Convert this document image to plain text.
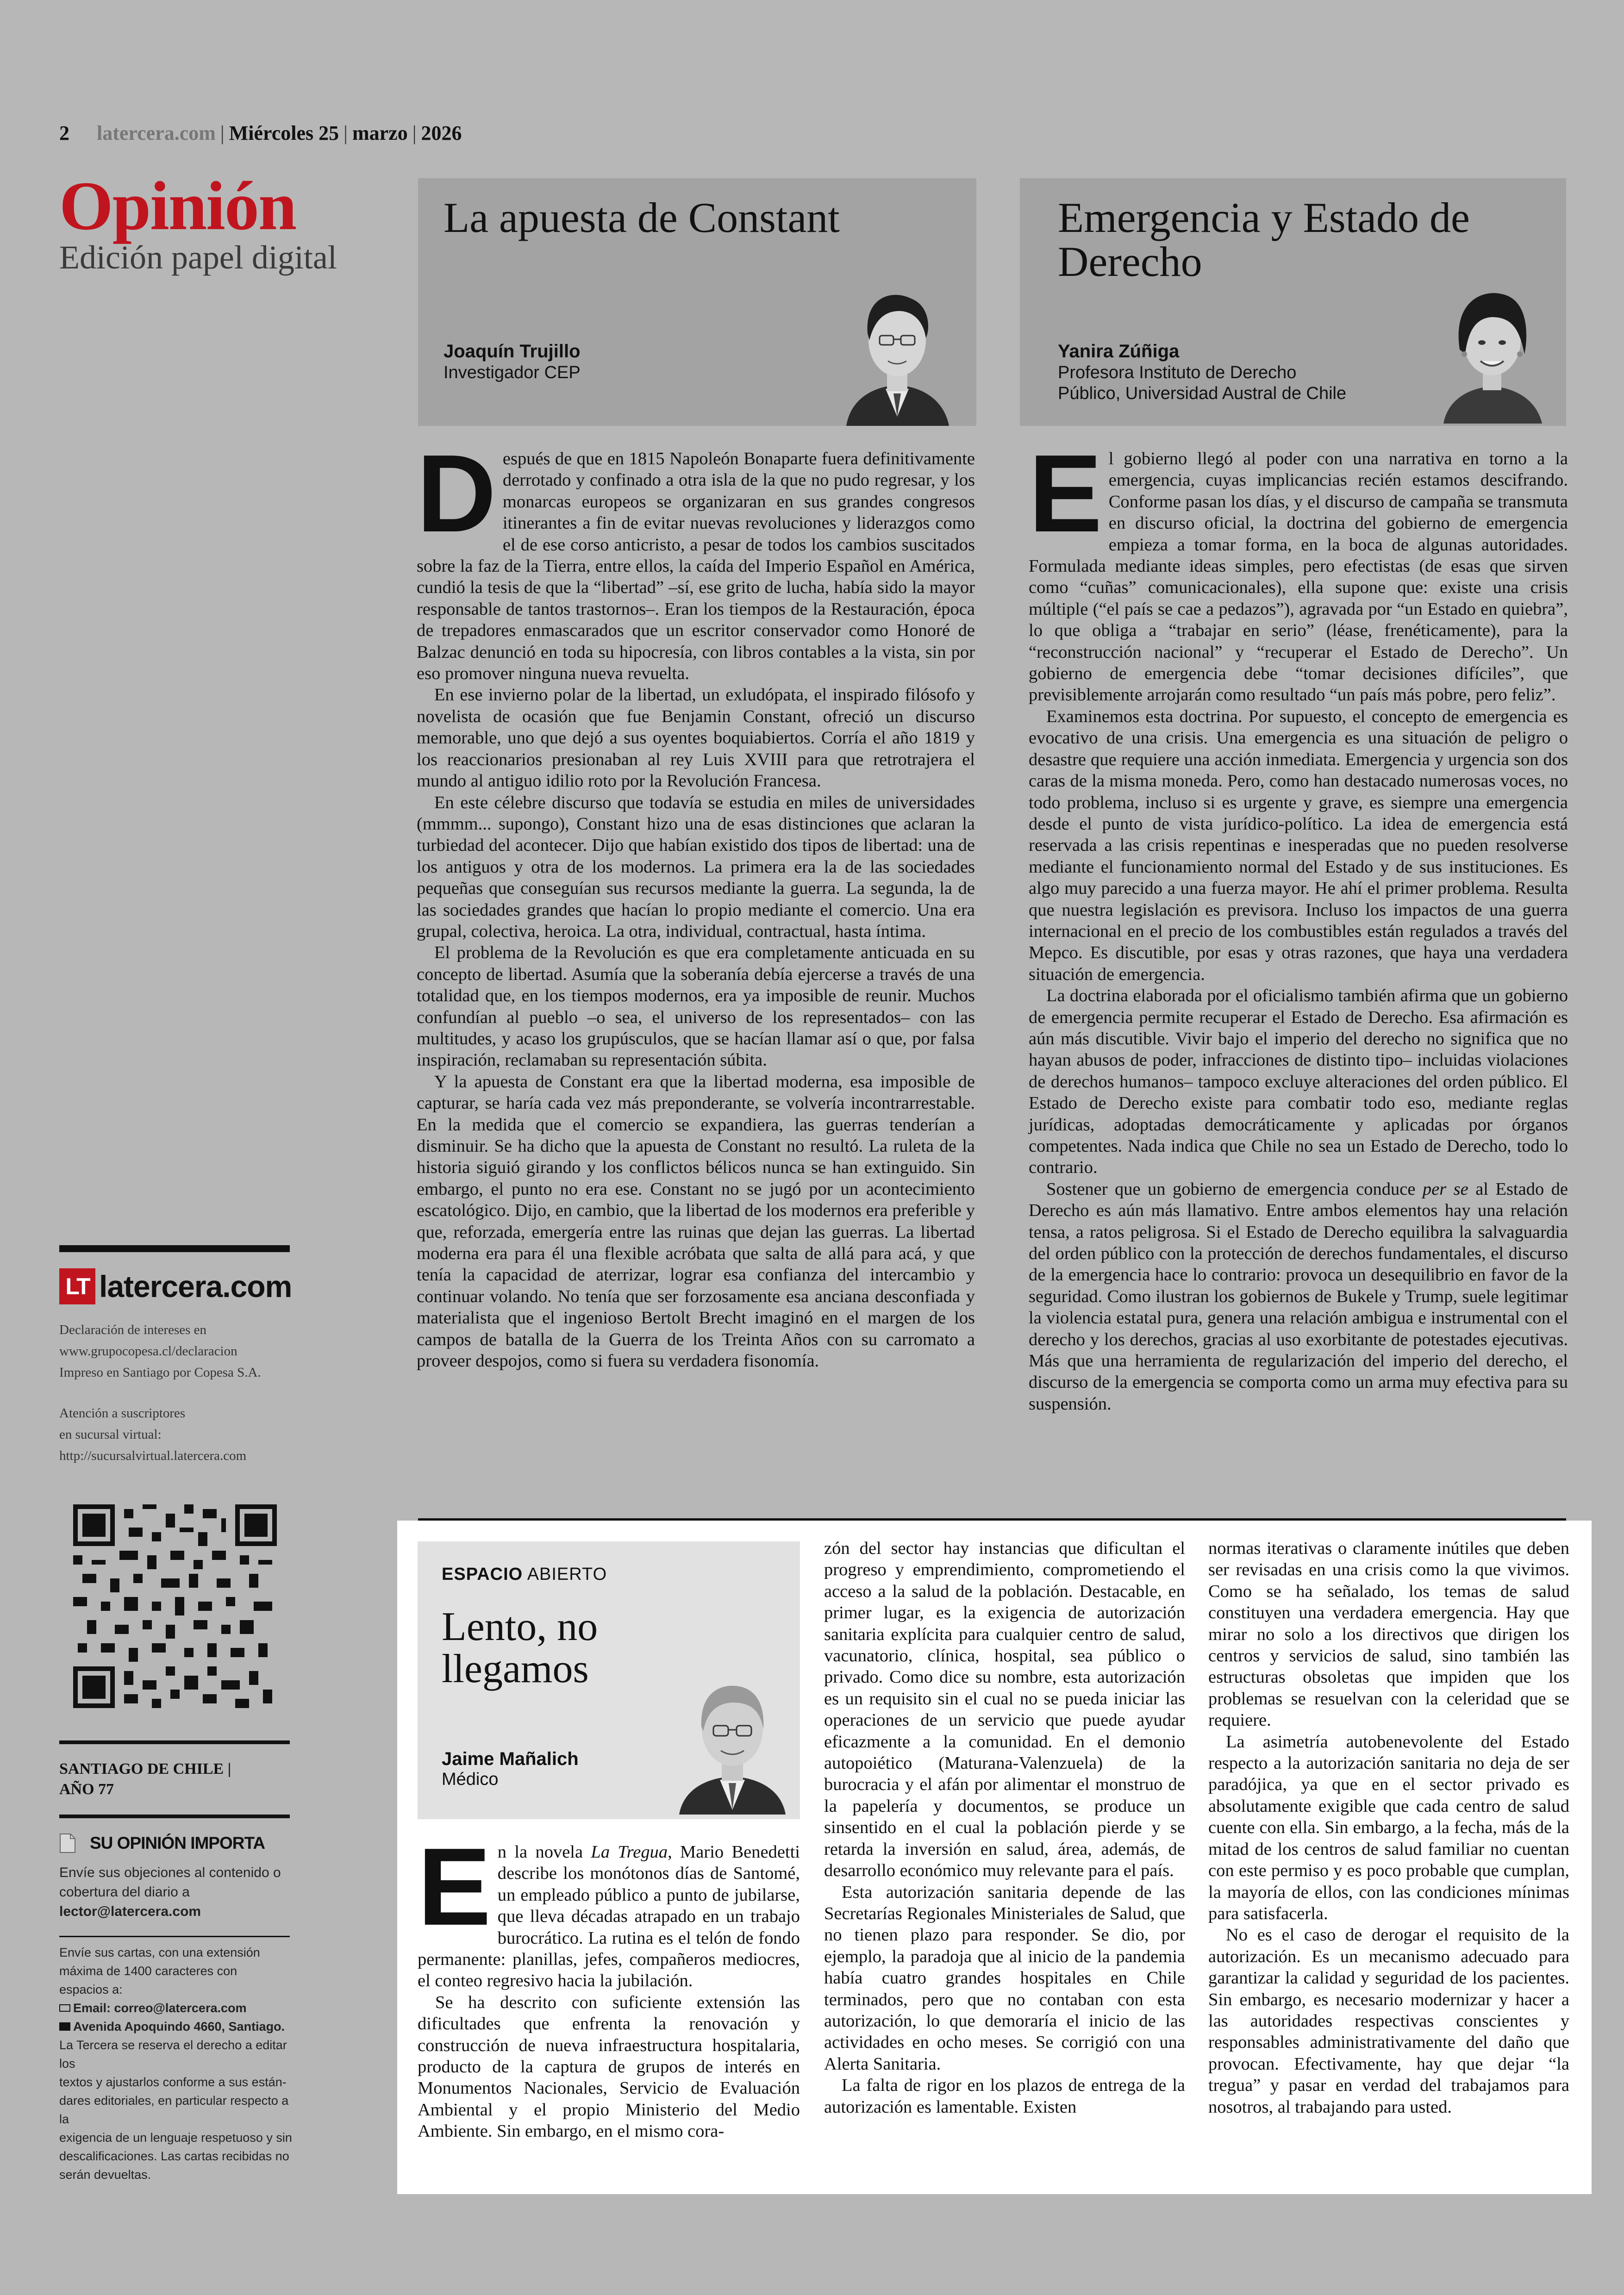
2 latercera.com | Miércoles 25 | marzo | 2026
Opinión
Edición papel digital
La apuesta de Constant
Joaquín Trujillo
Investigador CEP
Emergencia y Estado de Derecho
Yanira Zúñiga
Profesora Instituto de Derecho Público, Universidad Austral de Chile

Después de que en 1815 Napoleón Bonaparte fuera definitivamente derrotado y confinado a otra isla de la que no pudo regresar, y los monarcas europeos se organizaran en sus grandes congresos itinerantes a fin de evitar nuevas revoluciones y liderazgos como el de ese corso anticristo, a pesar de todos los cambios suscitados sobre la faz de la Tierra, entre ellos, la caída del Imperio Español en América, cundió la tesis de que la “libertad” –sí, ese grito de lucha, había sido la mayor responsable de tantos trastornos–. Eran los tiempos de la Restauración, época de trepadores enmascarados que un escritor conservador como Honoré de Balzac denunció en toda su hipocresía, con libros contables a la vista, sin por eso promover ninguna nueva revuelta.

En ese invierno polar de la libertad, un exludópata, el inspirado filósofo y novelista de ocasión que fue Benjamin Constant, ofreció un discurso memorable, uno que dejó a sus oyentes boquiabiertos. Corría el año 1819 y los reaccionarios presionaban al rey Luis XVIII para que retrotrajera el mundo al antiguo idilio roto por la Revolución Francesa.

En este célebre discurso que todavía se estudia en miles de universidades (mmmm... supongo), Constant hizo una de esas distinciones que aclaran la turbiedad del acontecer. Dijo que habían existido dos tipos de libertad: una de los antiguos y otra de los modernos. La primera era la de las sociedades pequeñas que conseguían sus recursos mediante la guerra. La segunda, la de las sociedades grandes que hacían lo propio mediante el comercio. Una era grupal, colectiva, heroica. La otra, individual, contractual, hasta íntima.

El problema de la Revolución es que era completamente anticuada en su concepto de libertad. Asumía que la soberanía debía ejercerse a través de una totalidad que, en los tiempos modernos, era ya imposible de reunir. Muchos confundían al pueblo –o sea, el universo de los representados– con las multitudes, y acaso los grupúsculos, que se hacían llamar así o que, por falsa inspiración, reclamaban su representación súbita.

Y la apuesta de Constant era que la libertad moderna, esa imposible de capturar, se haría cada vez más preponderante, se volvería incontrarrestable. En la medida que el comercio se expandiera, las guerras tenderían a disminuir. Se ha dicho que la apuesta de Constant no resultó. La ruleta de la historia siguió girando y los conflictos bélicos nunca se han extinguido. Sin embargo, el punto no era ese. Constant no se jugó por un acontecimiento escatológico. Dijo, en cambio, que la libertad de los modernos era preferible y que, reforzada, emergería entre las ruinas que dejan las guerras. La libertad moderna era para él una flexible acróbata que salta de allá para acá, y que tenía la capacidad de aterrizar, lograr esa confianza del intercambio y continuar volando. No tenía que ser forzosamente esa anciana desconfiada y materialista que el ingenioso Bertolt Brecht imaginó en el margen de los campos de batalla de la Guerra de los Treinta Años con su carromato a proveer despojos, como si fuera su verdadera fisonomía.

El gobierno llegó al poder con una narrativa en torno a la emergencia, cuyas implicancias recién estamos descifrando. Conforme pasan los días, y el discurso de campaña se transmuta en discurso oficial, la doctrina del gobierno de emergencia empieza a tomar forma, en la boca de algunas autoridades. Formulada mediante ideas simples, pero efectistas (de esas que sirven como “cuñas” comunicacionales), ella supone que: existe una crisis múltiple (“el país se cae a pedazos”), agravada por “un Estado en quiebra”, lo que obliga a “trabajar en serio” (léase, frenéticamente), para la “reconstrucción nacional” y “recuperar el Estado de Derecho”. Un gobierno de emergencia debe “tomar decisiones difíciles”, que previsiblemente arrojarán como resultado “un país más pobre, pero feliz”.

Examinemos esta doctrina. Por supuesto, el concepto de emergencia es evocativo de una crisis. Una emergencia es una situación de peligro o desastre que requiere una acción inmediata. Emergencia y urgencia son dos caras de la misma moneda. Pero, como han destacado numerosas voces, no todo problema, incluso si es urgente y grave, es siempre una emergencia desde el punto de vista jurídico-político. La idea de emergencia está reservada a las crisis repentinas e inesperadas que no pueden resolverse mediante el funcionamiento normal del Estado y de sus instituciones. Es algo muy parecido a una fuerza mayor. He ahí el primer problema. Resulta que nuestra legislación es previsora. Incluso los impactos de una guerra internacional en el precio de los combustibles están regulados a través del Mepco. Es discutible, por esas y otras razones, que haya una verdadera situación de emergencia.

La doctrina elaborada por el oficialismo también afirma que un gobierno de emergencia permite recuperar el Estado de Derecho. Esa afirmación es aún más discutible. Vivir bajo el imperio del derecho no significa que no hayan abusos de poder, infracciones de distinto tipo– incluidas violaciones de derechos humanos– tampoco excluye alteraciones del orden público. El Estado de Derecho existe para combatir todo eso, mediante reglas jurídicas, adoptadas democráticamente y aplicadas por órganos competentes. Nada indica que Chile no sea un Estado de Derecho, todo lo contrario.

Sostener que un gobierno de emergencia conduce per se al Estado de Derecho es aún más llamativo. Entre ambos elementos hay una relación tensa, a ratos peligrosa. Si el Estado de Derecho equilibra la salvaguardia del orden público con la protección de derechos fundamentales, el discurso de la emergencia hace lo contrario: provoca un desequilibrio en favor de la seguridad. Como ilustran los gobiernos de Bukele y Trump, suele legitimar la violencia estatal pura, genera una relación ambigua e instrumental con el derecho y los derechos, gracias al uso exorbitante de potestades ejecutivas. Más que una herramienta de regularización del imperio del derecho, el discurso de la emergencia se comporta como un arma muy efectiva para su suspensión.

LT latercera.com
Declaración de intereses en
www.grupocopesa.cl/declaracion
Impreso en Santiago por Copesa S.A.
Atención a suscriptores
en sucursal virtual:
http://sucursalvirtual.latercera.com
SANTIAGO DE CHILE |
AÑO 77
SU OPINIÓN IMPORTA
Envíe sus objeciones al contenido o
cobertura del diario a
lector@latercera.com
Envíe sus cartas, con una extensión
máxima de 1400 caracteres con
espacios a:
Email: correo@latercera.com
Avenida Apoquindo 4660, Santiago.
La Tercera se reserva el derecho a editar los
textos y ajustarlos conforme a sus están-
dares editoriales, en particular respecto a la
exigencia de un lenguaje respetuoso y sin
descalificaciones. Las cartas recibidas no
serán devueltas.
ESPACIO ABIERTO
Lento, no llegamos
Jaime Mañalich
Médico

En la novela La Tregua, Mario Benedetti describe los monótonos días de Santomé, un empleado público a punto de jubilarse, que lleva décadas atrapado en un trabajo burocrático. La rutina es el telón de fondo permanente: planillas, jefes, compañeros mediocres, el conteo regresivo hacia la jubilación.

Se ha descrito con suficiente extensión las dificultades que enfrenta la renovación y construcción de nueva infraestructura hospitalaria, producto de la captura de grupos de interés en Monumentos Nacionales, Servicio de Evaluación Ambiental y el propio Ministerio del Medio Ambiente. Sin embargo, en el mismo cora-

zón del sector hay instancias que dificultan el progreso y emprendimiento, comprometiendo el acceso a la salud de la población. Destacable, en primer lugar, es la exigencia de autorización sanitaria explícita para cualquier centro de salud, vacunatorio, clínica, hospital, sea público o privado. Como dice su nombre, esta autorización es un requisito sin el cual no se pueda iniciar las operaciones de un servicio que puede ayudar eficazmente a la comunidad. En el demonio autopoiético (Maturana-Valenzuela) de la burocracia y el afán por alimentar el monstruo de la papelería y documentos, se produce un sinsentido en el cual la población pierde y se retarda la inversión en salud, área, además, de desarrollo económico muy relevante para el país.

Esta autorización sanitaria depende de las Secretarías Regionales Ministeriales de Salud, que no tienen plazo para responder. Se dio, por ejemplo, la paradoja que al inicio de la pandemia había cuatro grandes hospitales en Chile terminados, pero que no contaban con esta autorización, lo que demoraría el inicio de las actividades en ocho meses. Se corrigió con una Alerta Sanitaria.

La falta de rigor en los plazos de entrega de la autorización es lamentable. Existen

normas iterativas o claramente inútiles que deben ser revisadas en una crisis como la que vivimos. Como se ha señalado, los temas de salud constituyen una verdadera emergencia. Hay que mirar no solo a los directivos que dirigen los centros y servicios de salud, sino también las estructuras obsoletas que impiden que los problemas se resuelvan con la celeridad que se requiere.

La asimetría autobenevolente del Estado respecto a la autorización sanitaria no deja de ser paradójica, ya que en el sector privado es absolutamente exigible que cada centro de salud cuente con ella. Sin embargo, a la fecha, más de la mitad de los centros de salud familiar no cuentan con este permiso y es poco probable que cumplan, la mayoría de ellos, con las condiciones mínimas para satisfacerla.

No es el caso de derogar el requisito de la autorización. Es un mecanismo adecuado para garantizar la calidad y seguridad de los pacientes. Sin embargo, es necesario modernizar y hacer a las autoridades respectivas conscientes y responsables administrativamente del daño que provocan. Efectivamente, hay que dejar “la tregua” y pasar en verdad del trabajamos para nosotros, al trabajando para usted.
